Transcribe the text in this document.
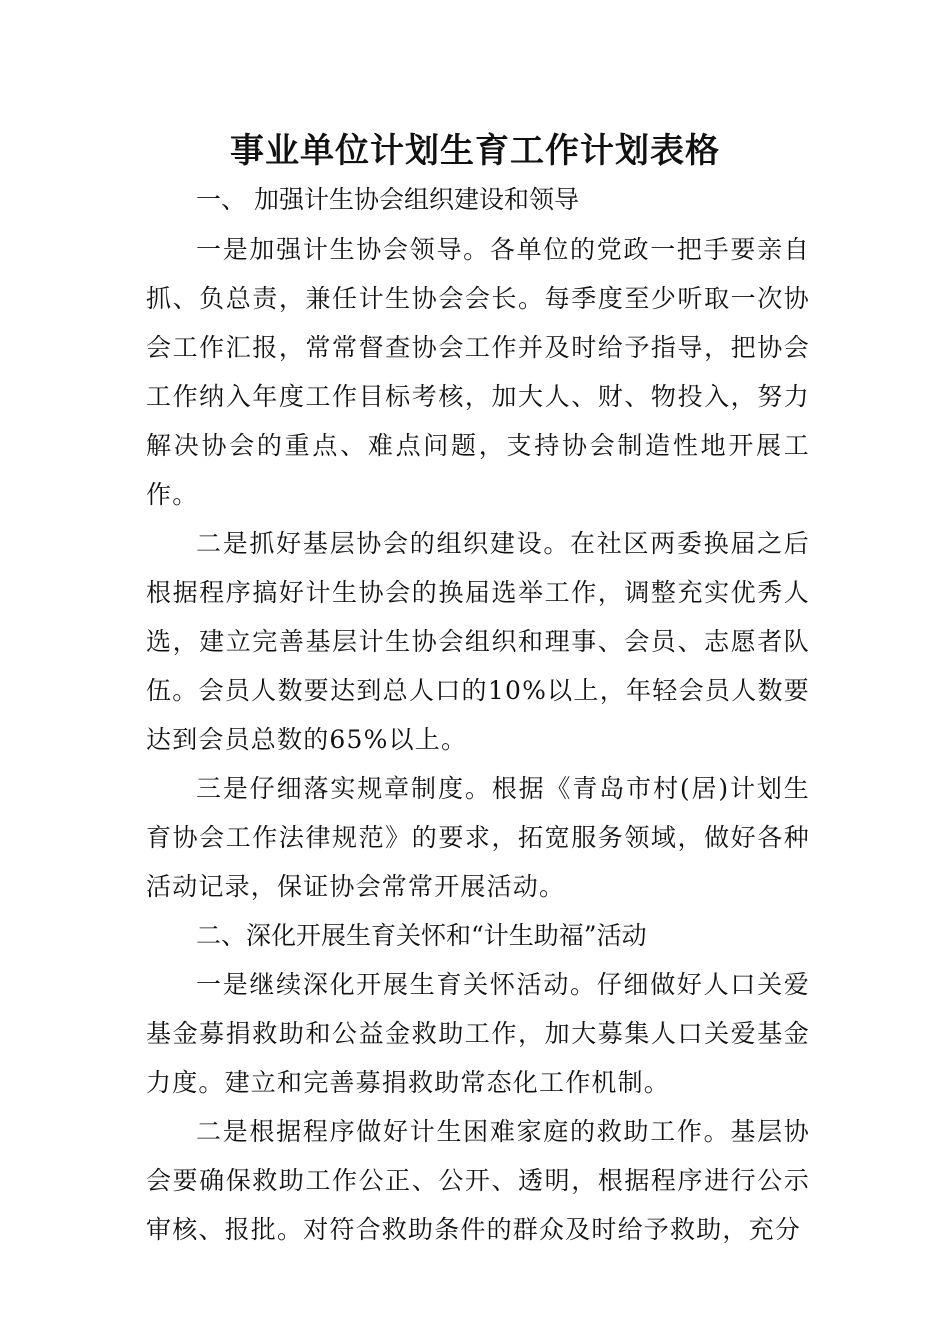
事业单位计划生育工作计划表格

一、 加强计生协会组织建设和领导

一是加强计生协会领导。各单位的党政一把手要亲自抓、负总责，兼任计生协会会长。每季度至少听取一次协会工作汇报，常常督查协会工作并及时给予指导，把协会工作纳入年度工作目标考核，加大人、财、物投入，努力解决协会的重点、难点问题，支持协会制造性地开展工作。

二是抓好基层协会的组织建设。在社区两委换届之后根据程序搞好计生协会的换届选举工作，调整充实优秀人选，建立完善基层计生协会组织和理事、会员、志愿者队伍。会员人数要达到总人口的10%以上，年轻会员人数要达到会员总数的65%以上。

三是仔细落实规章制度。根据《青岛市村(居)计划生育协会工作法律规范》的要求，拓宽服务领域，做好各种活动记录，保证协会常常开展活动。

二、深化开展生育关怀和“计生助福”活动

一是继续深化开展生育关怀活动。仔细做好人口关爱基金募捐救助和公益金救助工作，加大募集人口关爱基金力度。建立和完善募捐救助常态化工作机制。

二是根据程序做好计生困难家庭的救助工作。基层协会要确保救助工作公正、公开、透明，根据程序进行公示审核、报批。对符合救助条件的群众及时给予救助，充分
